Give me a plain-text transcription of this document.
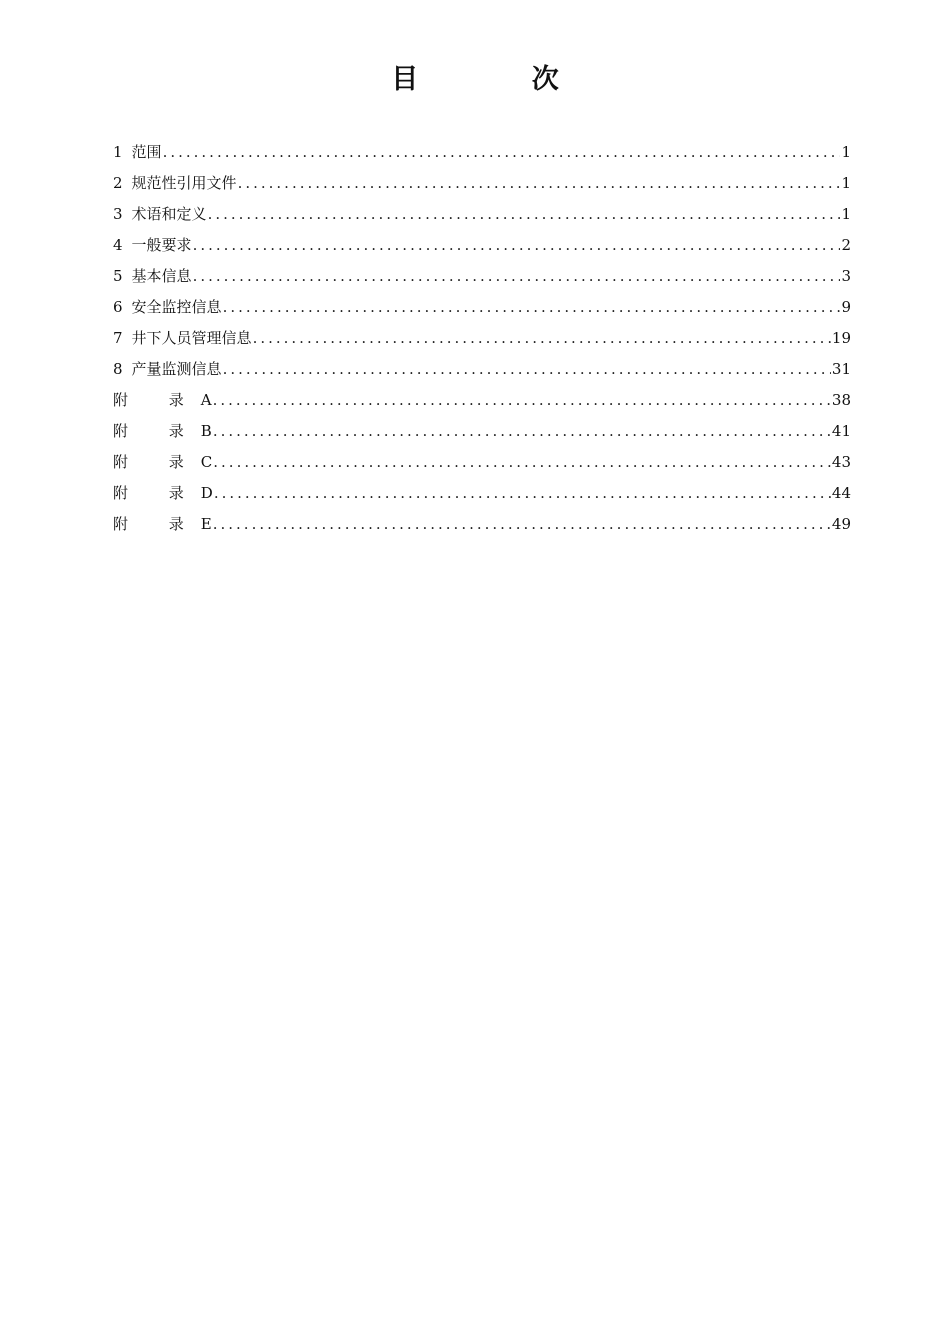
目 次
1 范围 .....	1
2 规范性引用文件 .....	1
3 术语和定义 .....	1
4 一般要求 .....	2
5 基本信息 .....	3
6 安全监控信息 .....	9
7 井下人员管理信息 .....	19
8 产量监测信息 .....	31
附 录 A .....	38
附 录 B .....	41
附 录 C .....	43
附 录 D .....	44
附 录 E .....	49
